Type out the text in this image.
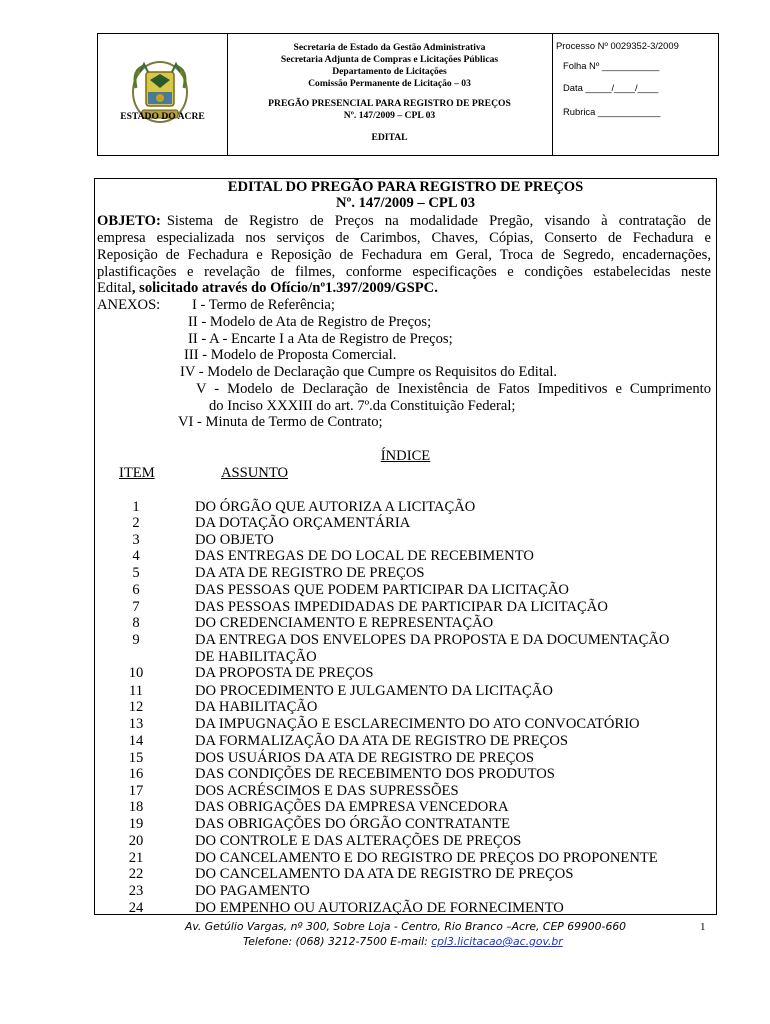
ESTADO DO ACRE
Secretaria de Estado da Gestão Administrativa
Secretaria Adjunta de Compras e Licitações Públicas
Departamento de Licitações
Comissão Permanente de Licitação – 03
PREGÃO PRESENCIAL PARA REGISTRO DE PREÇOS
Nº. 147/2009 – CPL 03
EDITAL
Processo Nº 0029352-3/2009
Folha Nº ___________
Data _____/____/____
Rubrica ____________
EDITAL DO PREGÃO PARA REGISTRO DE PREÇOS
Nº. 147/2009 – CPL 03
OBJETO: Sistema de Registro de Preços na modalidade Pregão, visando à contratação de
empresa especializada nos serviços de Carimbos, Chaves, Cópias, Conserto de Fechadura e
Reposição de Fechadura e Reposição de Fechadura em Geral, Troca de Segredo, encadernações,
plastificações e revelação de filmes, conforme especificações e condições estabelecidas neste
Edital, solicitado através do Ofício/nº1.397/2009/GSPC.
ANEXOS: I - Termo de Referência;
II - Modelo de Ata de Registro de Preços;
II - A - Encarte I a Ata de Registro de Preços;
III - Modelo de Proposta Comercial.
IV - Modelo de Declaração que Cumpre os Requisitos do Edital.
V - Modelo de Declaração de Inexistência de Fatos Impeditivos e Cumprimento
do Inciso XXXIII do art. 7º.da Constituição Federal;
VI - Minuta de Termo de Contrato;
ÍNDICE
ITEM	ASSUNTO
1	DO ÓRGÃO QUE AUTORIZA A LICITAÇÃO
2	DA DOTAÇÃO ORÇAMENTÁRIA
3	DO OBJETO
4	DAS ENTREGAS DE DO LOCAL DE RECEBIMENTO
5	DA ATA DE REGISTRO DE PREÇOS
6	DAS PESSOAS QUE PODEM PARTICIPAR DA LICITAÇÃO
7	DAS PESSOAS IMPEDIDADAS DE PARTICIPAR DA LICITAÇÃO
8	DO CREDENCIAMENTO E REPRESENTAÇÃO
9	DA ENTREGA DOS ENVELOPES DA PROPOSTA E DA DOCUMENTAÇÃO
DE HABILITAÇÃO
10	DA PROPOSTA DE PREÇOS
11	DO PROCEDIMENTO E JULGAMENTO DA LICITAÇÃO
12	DA HABILITAÇÃO
13	DA IMPUGNAÇÃO E ESCLARECIMENTO DO ATO CONVOCATÓRIO
14	DA FORMALIZAÇÃO DA ATA DE REGISTRO DE PREÇOS
15	DOS USUÁRIOS DA ATA DE REGISTRO DE PREÇOS
16	DAS CONDIÇÕES DE RECEBIMENTO DOS PRODUTOS
17	DOS ACRÉSCIMOS E DAS SUPRESSÕES
18	DAS OBRIGAÇÕES DA EMPRESA VENCEDORA
19	DAS OBRIGAÇÕES DO ÓRGÃO CONTRATANTE
20	DO CONTROLE E DAS ALTERAÇÕES DE PREÇOS
21	DO CANCELAMENTO E DO REGISTRO DE PREÇOS DO PROPONENTE
22	DO CANCELAMENTO DA ATA DE REGISTRO DE PREÇOS
23	DO PAGAMENTO
24	DO EMPENHO OU AUTORIZAÇÃO DE FORNECIMENTO
Av. Getúlio Vargas, nº 300, Sobre Loja - Centro, Rio Branco –Acre, CEP 69900-660
Telefone: (068) 3212-7500 E-mail: cpl3.licitacao@ac.gov.br
1
